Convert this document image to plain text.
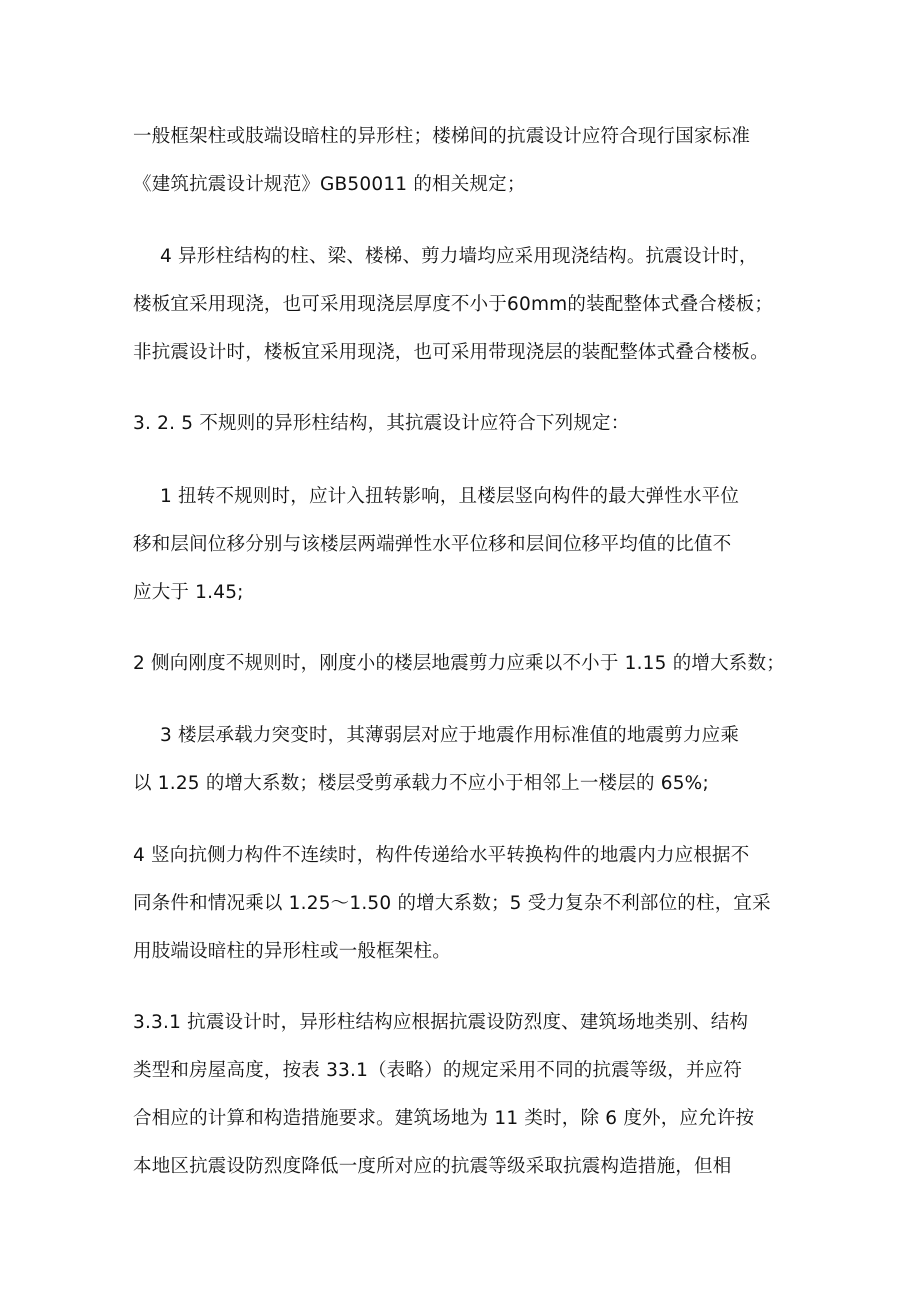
一般框架柱或肢端设暗柱的异形柱；楼梯间的抗震设计应符合现行国家标准
《建筑抗震设计规范》GB50011 的相关规定；
4 异形柱结构的柱、梁、楼梯、剪力墙均应采用现浇结构。抗震设计时，
楼板宜采用现浇，也可采用现浇层厚度不小于60mm的装配整体式叠合楼板；
非抗震设计时，楼板宜采用现浇，也可采用带现浇层的装配整体式叠合楼板。
3. 2. 5 不规则的异形柱结构，其抗震设计应符合下列规定：
1 扭转不规则时，应计入扭转影响，且楼层竖向构件的最大弹性水平位
移和层间位移分别与该楼层两端弹性水平位移和层间位移平均值的比值不
应大于 1.45;
2 侧向刚度不规则时，刚度小的楼层地震剪力应乘以不小于 1.15 的增大系数；
3 楼层承载力突变时，其薄弱层对应于地震作用标准值的地震剪力应乘
以 1.25 的增大系数；楼层受剪承载力不应小于相邻上一楼层的 65%;
4 竖向抗侧力构件不连续时，构件传递给水平转换构件的地震内力应根据不
同条件和情况乘以 1.25～1.50 的增大系数；5 受力复杂不利部位的柱，宜采
用肢端设暗柱的异形柱或一般框架柱。
3.3.1 抗震设计时，异形柱结构应根据抗震设防烈度、建筑场地类别、结构
类型和房屋高度，按表 33.1（表略）的规定采用不同的抗震等级，并应符
合相应的计算和构造措施要求。建筑场地为 11 类时，除 6 度外，应允许按
本地区抗震设防烈度降低一度所对应的抗震等级采取抗震构造措施，但相
